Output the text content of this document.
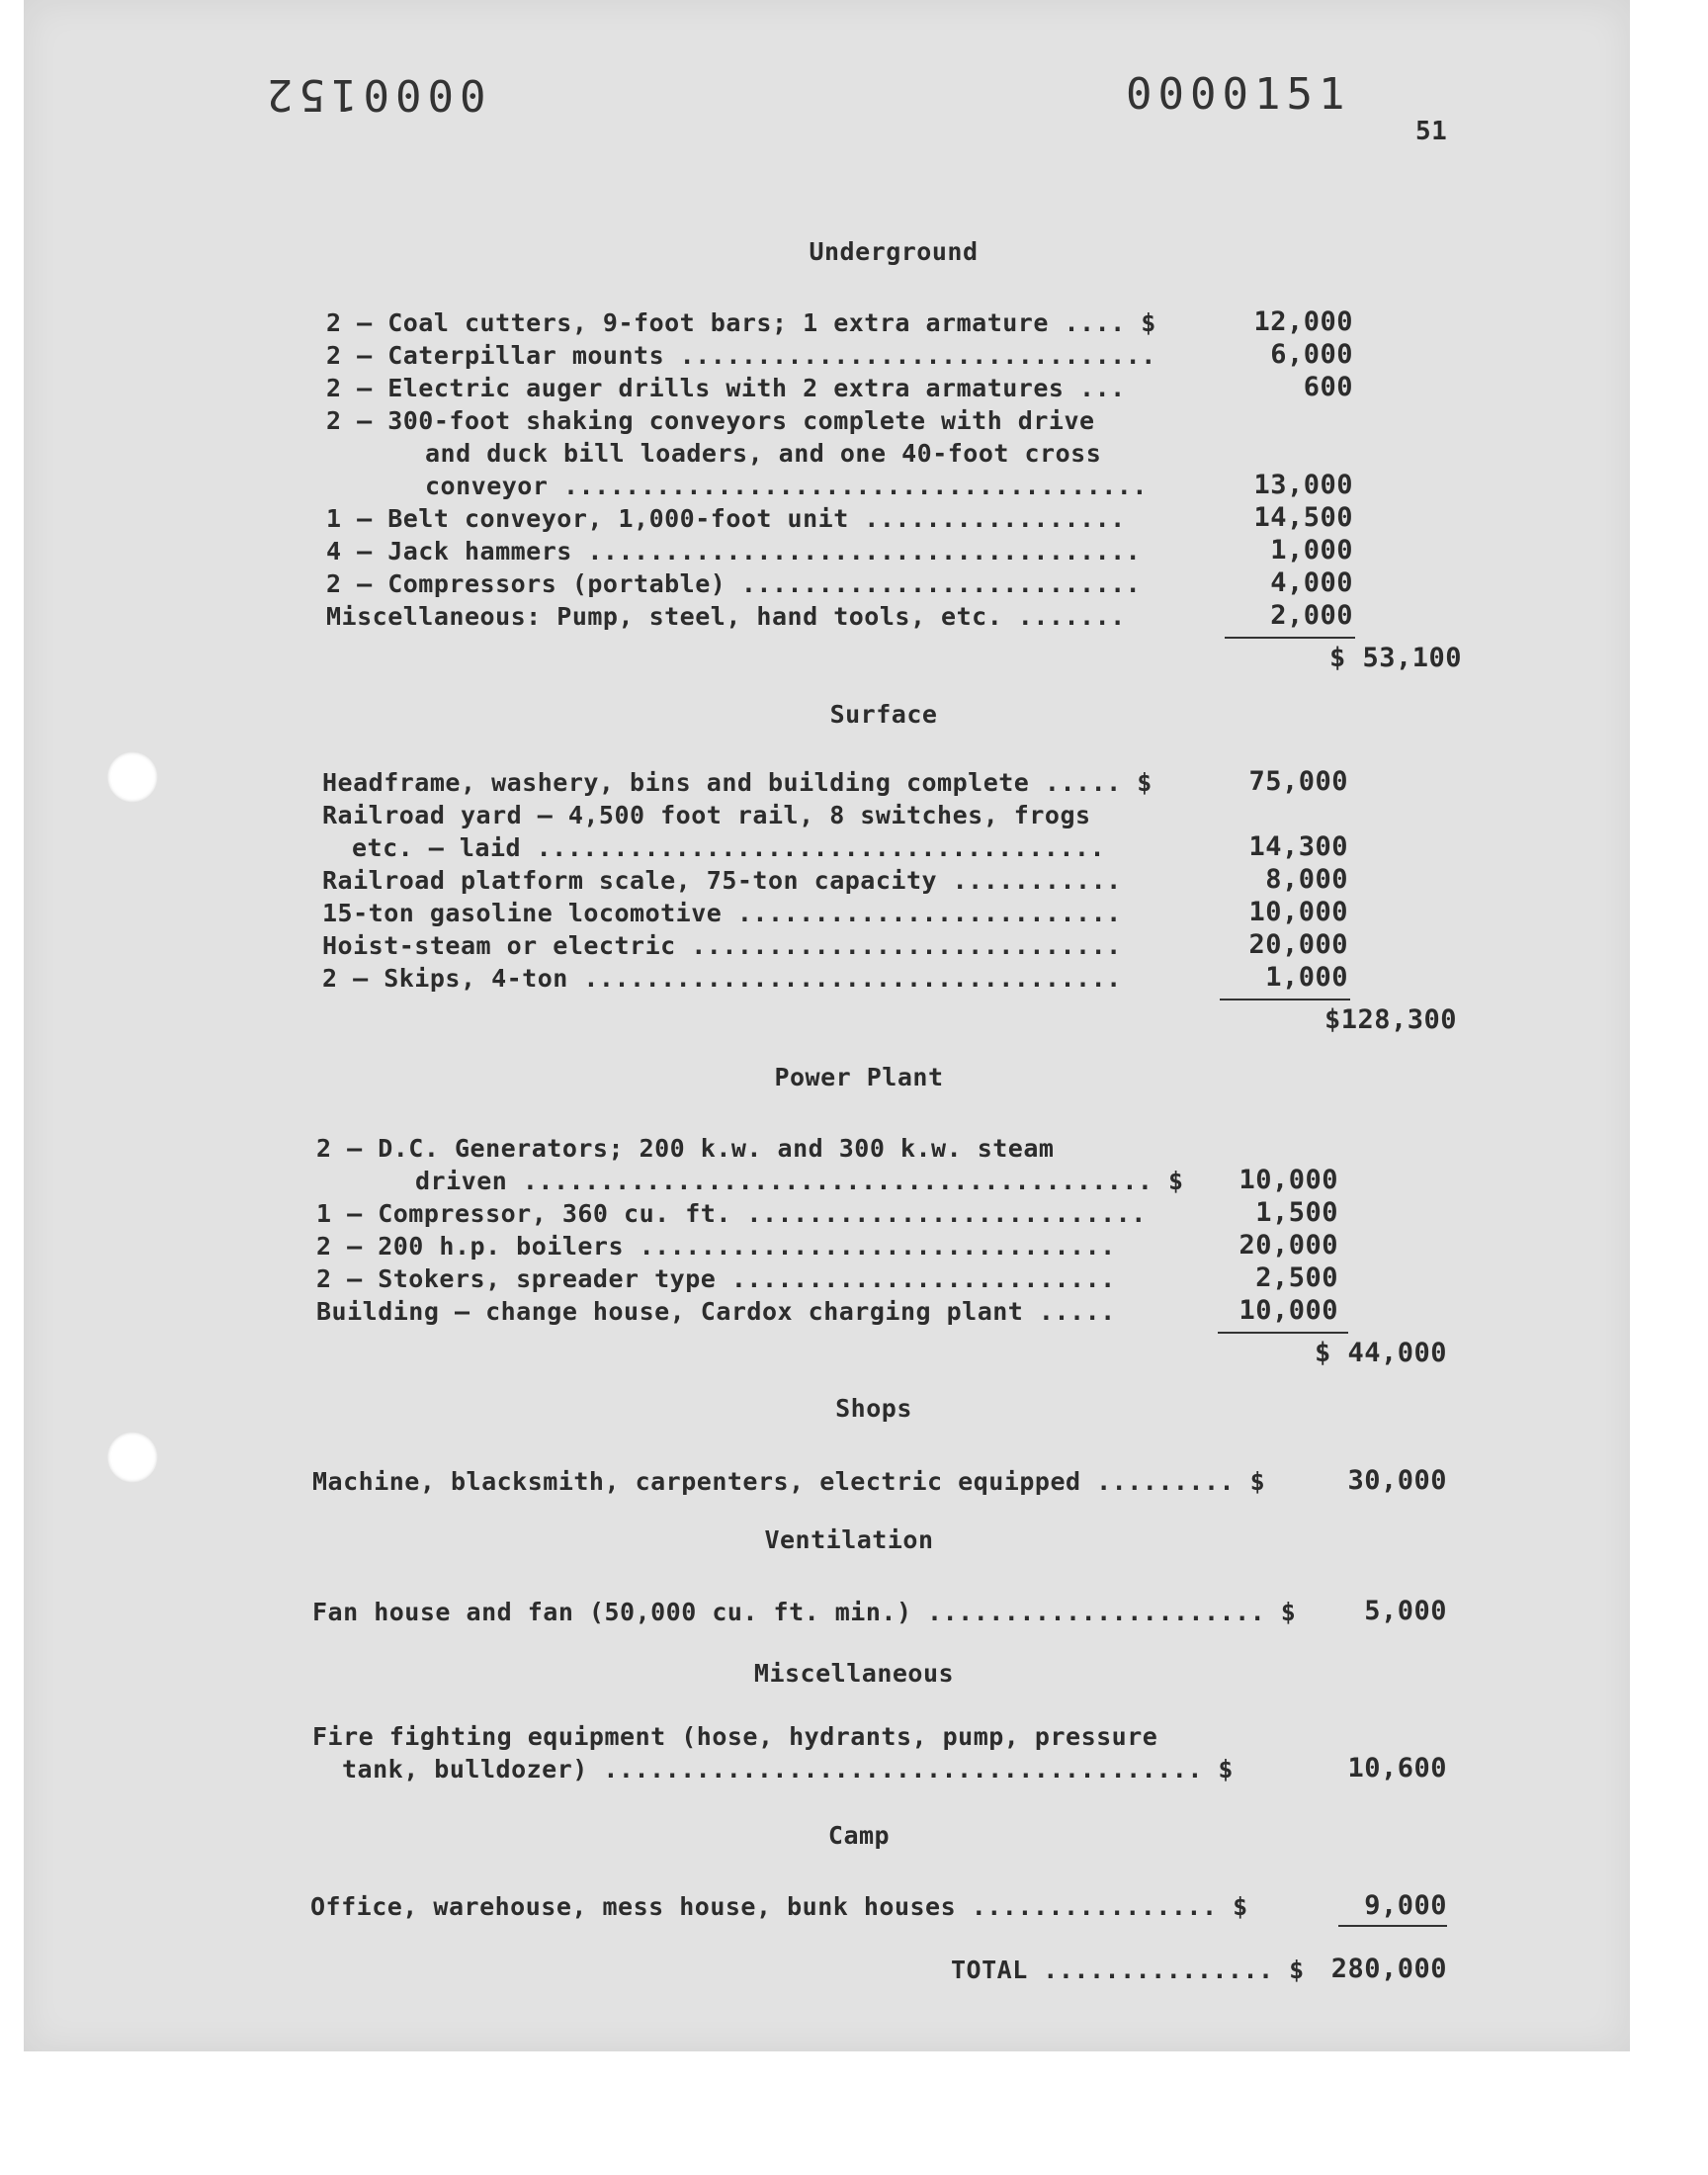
0000152	0000151
51
Underground
2 — Coal cutters, 9-foot bars; 1 extra armature .... $	12,000
2 — Caterpillar mounts ...............................	6,000
2 — Electric auger drills with 2 extra armatures ...	600
2 — 300-foot shaking conveyors complete with drive
and duck bill loaders, and one 40-foot cross
conveyor ......................................	13,000
1 — Belt conveyor, 1,000-foot unit .................	14,500
4 — Jack hammers ....................................	1,000
2 — Compressors (portable) ..........................	4,000
Miscellaneous: Pump, steel, hand tools, etc. .......	2,000
$ 53,100
Surface
Headframe, washery, bins and building complete ..... $	75,000
Railroad yard — 4,500 foot rail, 8 switches, frogs
etc. — laid .....................................	14,300
Railroad platform scale, 75-ton capacity ...........	8,000
15-ton gasoline locomotive .........................	10,000
Hoist-steam or electric ............................	20,000
2 — Skips, 4-ton ...................................	1,000
$128,300
Power Plant
2 — D.C. Generators; 200 k.w. and 300 k.w. steam
driven ......................................... $	10,000
1 — Compressor, 360 cu. ft. ..........................	1,500
2 — 200 h.p. boilers ...............................	20,000
2 — Stokers, spreader type .........................	2,500
Building — change house, Cardox charging plant .....	10,000
$ 44,000
Shops
Machine, blacksmith, carpenters, electric equipped ......... $	30,000
Ventilation
Fan house and fan (50,000 cu. ft. min.) ...................... $	5,000
Miscellaneous
Fire fighting equipment (hose, hydrants, pump, pressure
tank, bulldozer) ....................................... $	10,600
Camp
Office, warehouse, mess house, bunk houses ................ $	9,000
TOTAL ............... $	280,000
